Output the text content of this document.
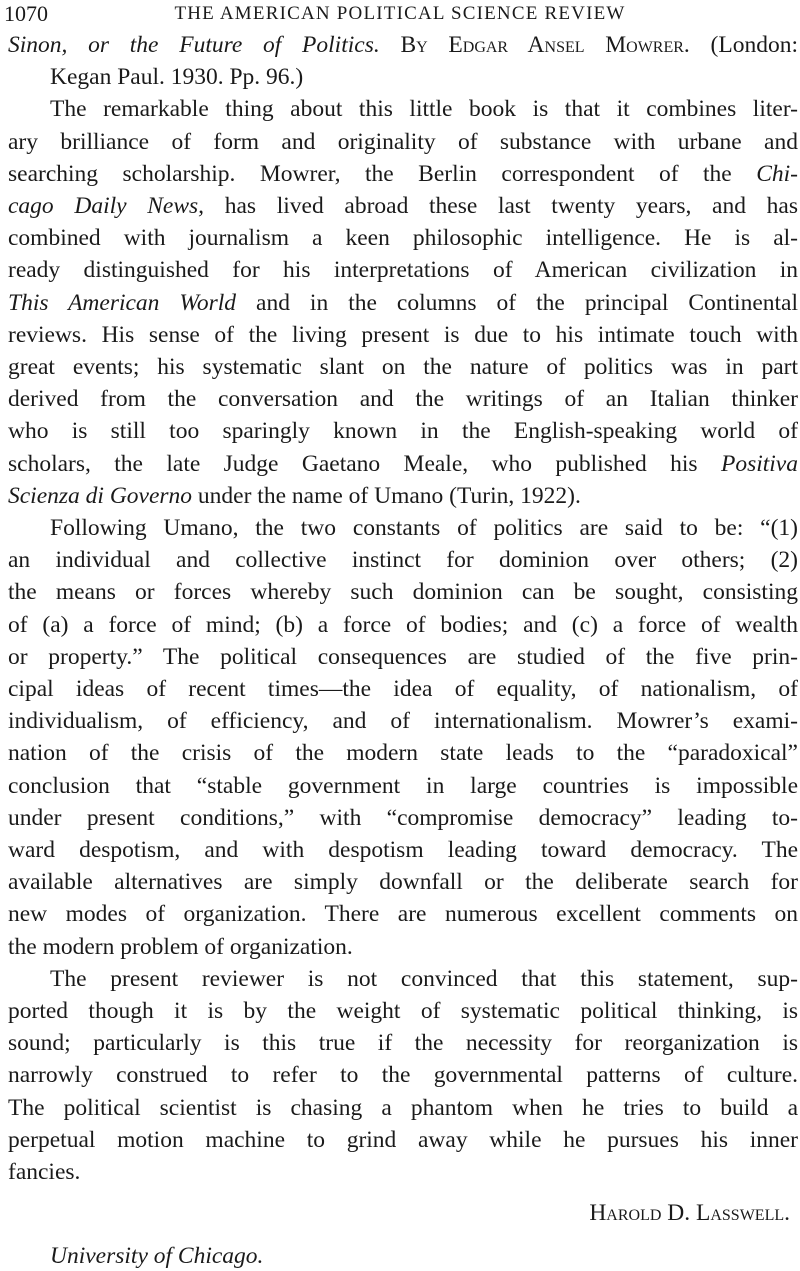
1070	THE AMERICAN POLITICAL SCIENCE REVIEW
Sinon, or the Future of Politics. By Edgar Ansel Mowrer. (London:
Kegan Paul. 1930. Pp. 96.)
The remarkable thing about this little book is that it combines liter-
ary brilliance of form and originality of substance with urbane and
searching scholarship. Mowrer, the Berlin correspondent of the Chi-
cago Daily News, has lived abroad these last twenty years, and has
combined with journalism a keen philosophic intelligence. He is al-
ready distinguished for his interpretations of American civilization in
This American World and in the columns of the principal Continental
reviews. His sense of the living present is due to his intimate touch with
great events; his systematic slant on the nature of politics was in part
derived from the conversation and the writings of an Italian thinker
who is still too sparingly known in the English-speaking world of
scholars, the late Judge Gaetano Meale, who published his Positiva
Scienza di Governo under the name of Umano (Turin, 1922).
Following Umano, the two constants of politics are said to be: “(1)
an individual and collective instinct for dominion over others; (2)
the means or forces whereby such dominion can be sought, consisting
of (a) a force of mind; (b) a force of bodies; and (c) a force of wealth
or property.” The political consequences are studied of the five prin-
cipal ideas of recent times—the idea of equality, of nationalism, of
individualism, of efficiency, and of internationalism. Mowrer’s exami-
nation of the crisis of the modern state leads to the “paradoxical”
conclusion that “stable government in large countries is impossible
under present conditions,” with “compromise democracy” leading to-
ward despotism, and with despotism leading toward democracy. The
available alternatives are simply downfall or the deliberate search for
new modes of organization. There are numerous excellent comments on
the modern problem of organization.
The present reviewer is not convinced that this statement, sup-
ported though it is by the weight of systematic political thinking, is
sound; particularly is this true if the necessity for reorganization is
narrowly construed to refer to the governmental patterns of culture.
The political scientist is chasing a phantom when he tries to build a
perpetual motion machine to grind away while he pursues his inner
fancies.
Harold D. Lasswell.
University of Chicago.
